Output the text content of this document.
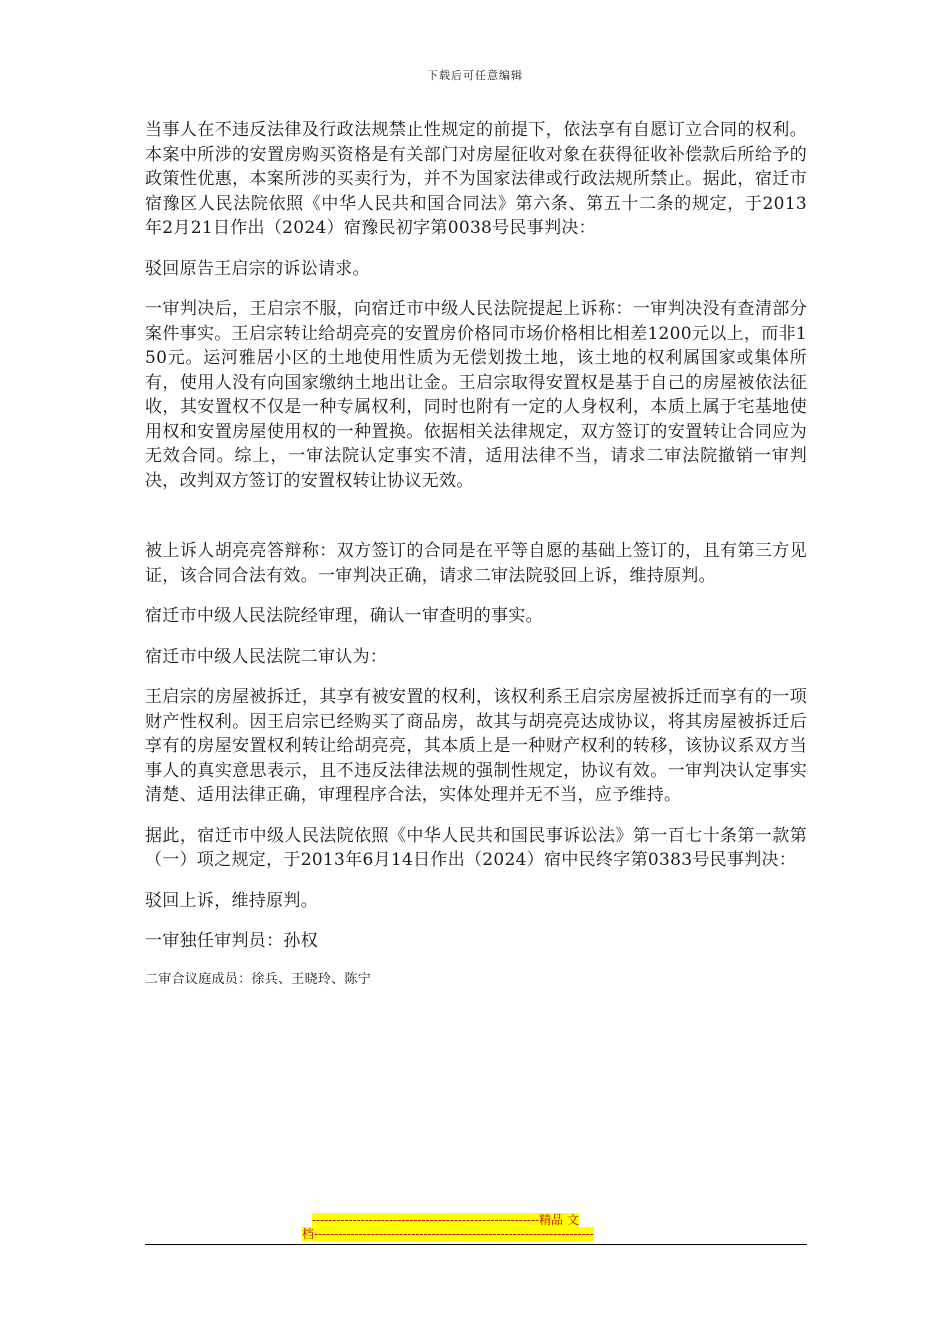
下载后可任意编辑

当事人在不违反法律及行政法规禁止性规定的前提下，依法享有自愿订立合同的权利。本案中所涉的安置房购买资格是有关部门对房屋征收对象在获得征收补偿款后所给予的政策性优惠，本案所涉的买卖行为，并不为国家法律或行政法规所禁止。据此，宿迁市宿豫区人民法院依照《中华人民共和国合同法》第六条、第五十二条的规定，于2013年2月21日作出（2024）宿豫民初字第0038号民事判决：

驳回原告王启宗的诉讼请求。

一审判决后，王启宗不服，向宿迁市中级人民法院提起上诉称：一审判决没有查清部分案件事实。王启宗转让给胡亮亮的安置房价格同市场价格相比相差1200元以上，而非150元。运河雅居小区的土地使用性质为无偿划拨土地，该土地的权利属国家或集体所有，使用人没有向国家缴纳土地出让金。王启宗取得安置权是基于自己的房屋被依法征收，其安置权不仅是一种专属权利，同时也附有一定的人身权利，本质上属于宅基地使用权和安置房屋使用权的一种置换。依据相关法律规定，双方签订的安置转让合同应为无效合同。综上，一审法院认定事实不清，适用法律不当，请求二审法院撤销一审判决，改判双方签订的安置权转让协议无效。

被上诉人胡亮亮答辩称：双方签订的合同是在平等自愿的基础上签订的，且有第三方见证，该合同合法有效。一审判决正确，请求二审法院驳回上诉，维持原判。

宿迁市中级人民法院经审理，确认一审查明的事实。

宿迁市中级人民法院二审认为：

王启宗的房屋被拆迁，其享有被安置的权利，该权利系王启宗房屋被拆迁而享有的一项财产性权利。因王启宗已经购买了商品房，故其与胡亮亮达成协议，将其房屋被拆迁后享有的房屋安置权利转让给胡亮亮，其本质上是一种财产权利的转移，该协议系双方当事人的真实意思表示，且不违反法律法规的强制性规定，协议有效。一审判决认定事实清楚、适用法律正确，审理程序合法，实体处理并无不当，应予维持。

据此，宿迁市中级人民法院依照《中华人民共和国民事诉讼法》第一百七十条第一款第（一）项之规定，于2013年6月14日作出（2024）宿中民终字第0383号民事判决：

驳回上诉，维持原判。

一审独任审判员：孙权

二审合议庭成员：徐兵、王晓玲、陈宁

--------------------------------------------------------精品 文
档---------------------------------------------------------------------
